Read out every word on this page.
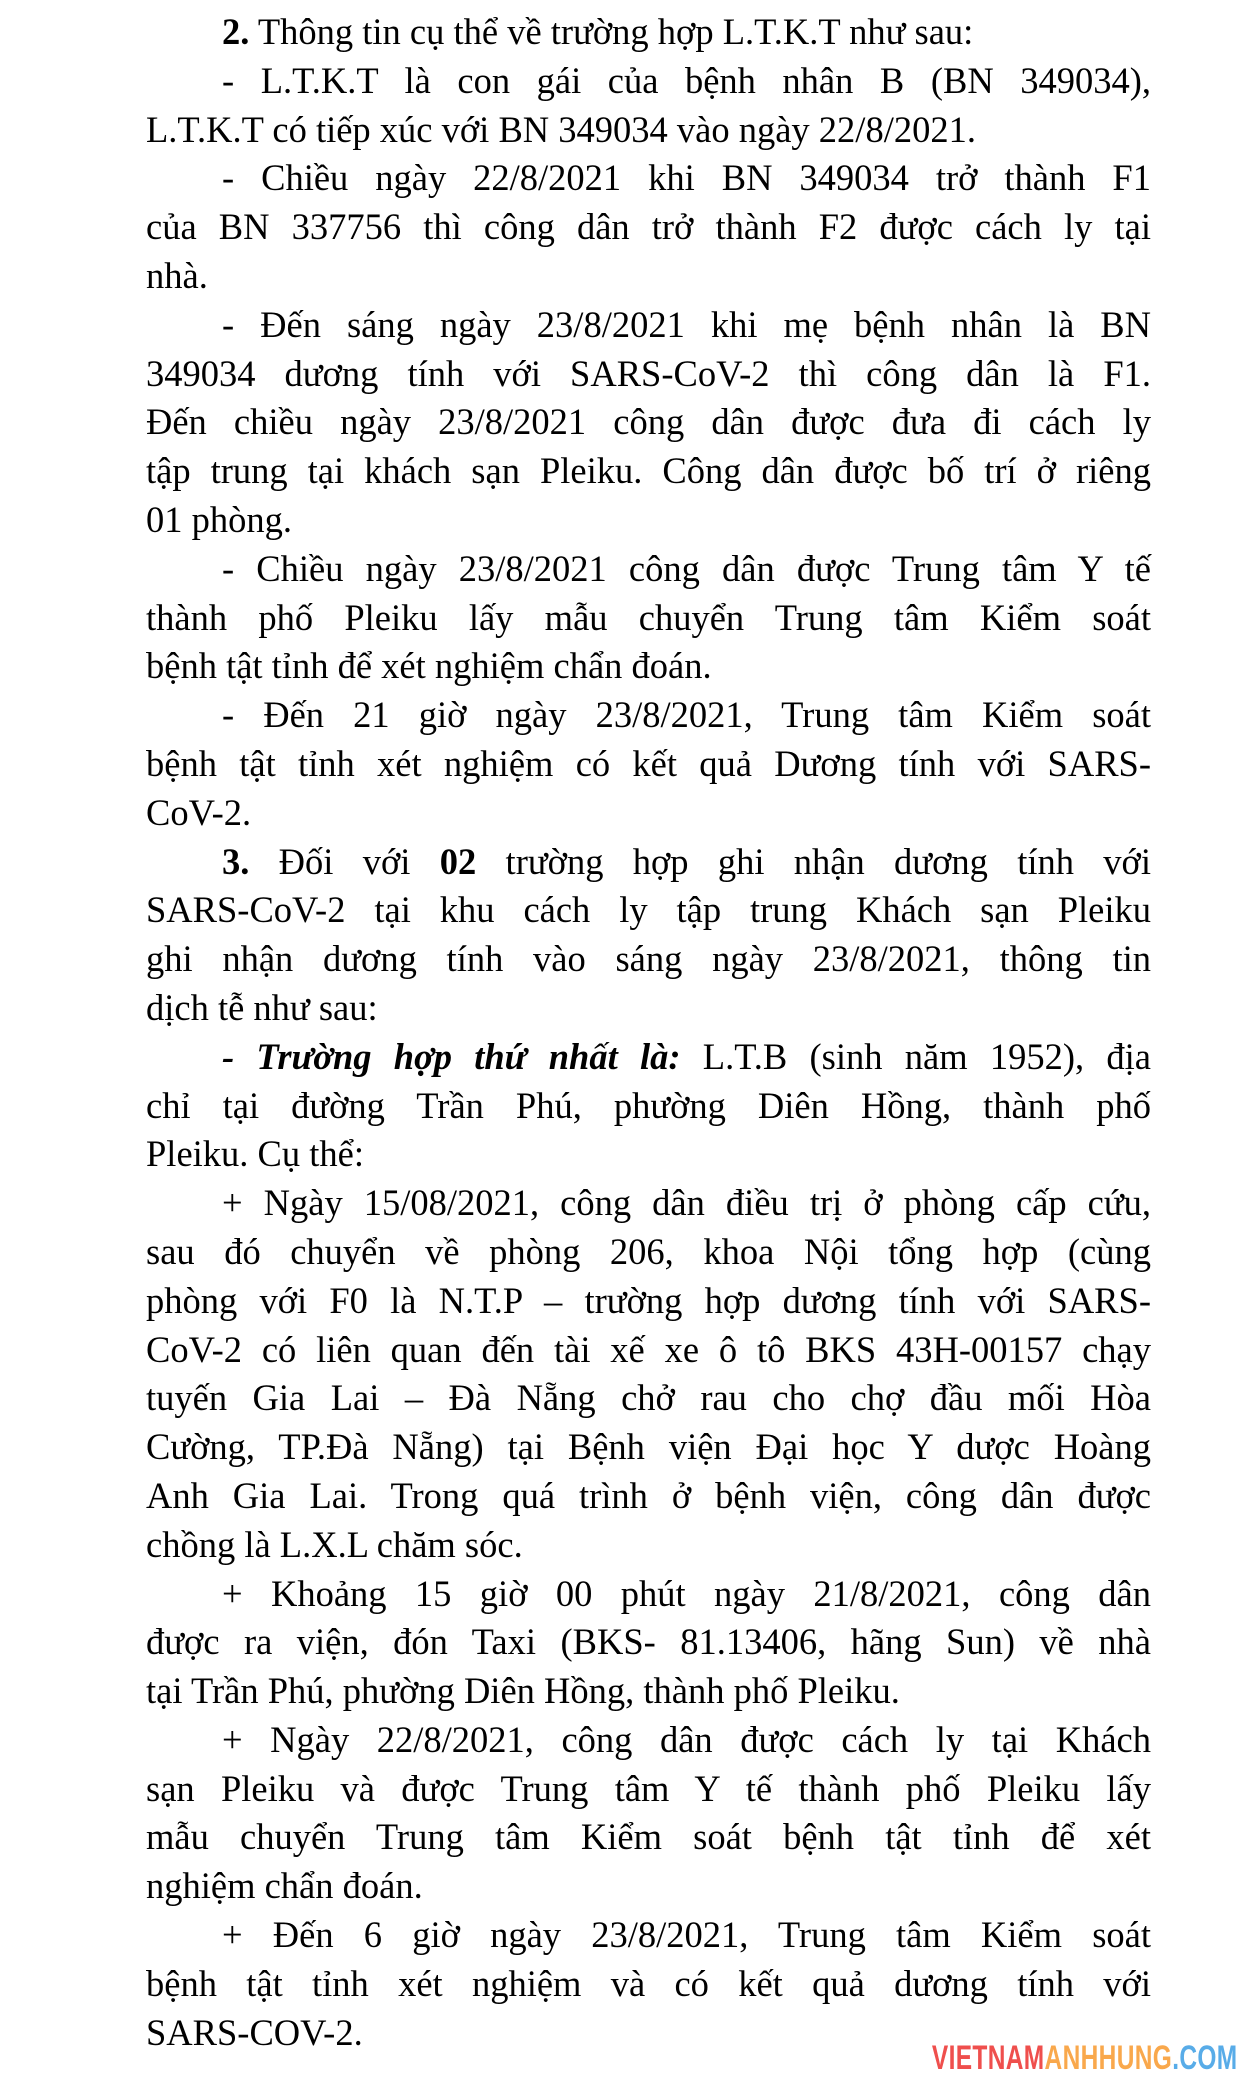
2. Thông tin cụ thể về trường hợp L.T.K.T như sau:
- L.T.K.T là con gái của bệnh nhân B (BN 349034),
L.T.K.T có tiếp xúc với BN 349034 vào ngày 22/8/2021.
- Chiều ngày 22/8/2021 khi BN 349034 trở thành F1
của BN 337756 thì công dân trở thành F2 được cách ly tại
nhà.
- Đến sáng ngày 23/8/2021 khi mẹ bệnh nhân là BN
349034 dương tính với SARS-CoV-2 thì công dân là F1.
Đến chiều ngày 23/8/2021 công dân được đưa đi cách ly
tập trung tại khách sạn Pleiku. Công dân được bố trí ở riêng
01 phòng.
- Chiều ngày 23/8/2021 công dân được Trung tâm Y tế
thành phố Pleiku lấy mẫu chuyển Trung tâm Kiểm soát
bệnh tật tỉnh để xét nghiệm chẩn đoán.
- Đến 21 giờ ngày 23/8/2021, Trung tâm Kiểm soát
bệnh tật tỉnh xét nghiệm có kết quả Dương tính với SARS-
CoV-2.
3. Đối với 02 trường hợp ghi nhận dương tính với
SARS-CoV-2 tại khu cách ly tập trung Khách sạn Pleiku
ghi nhận dương tính vào sáng ngày 23/8/2021, thông tin
dịch tễ như sau:
- Trường hợp thứ nhất là: L.T.B (sinh năm 1952), địa
chỉ tại đường Trần Phú, phường Diên Hồng, thành phố
Pleiku. Cụ thể:
+ Ngày 15/08/2021, công dân điều trị ở phòng cấp cứu,
sau đó chuyển về phòng 206, khoa Nội tổng hợp (cùng
phòng với F0 là N.T.P – trường hợp dương tính với SARS-
CoV-2 có liên quan đến tài xế xe ô tô BKS 43H-00157 chạy
tuyến Gia Lai – Đà Nẵng chở rau cho chợ đầu mối Hòa
Cường, TP.Đà Nẵng) tại Bệnh viện Đại học Y dược Hoàng
Anh Gia Lai. Trong quá trình ở bệnh viện, công dân được
chồng là L.X.L chăm sóc.
+ Khoảng 15 giờ 00 phút ngày 21/8/2021, công dân
được ra viện, đón Taxi (BKS- 81.13406, hãng Sun) về nhà
tại Trần Phú, phường Diên Hồng, thành phố Pleiku.
+ Ngày 22/8/2021, công dân được cách ly tại Khách
sạn Pleiku và được Trung tâm Y tế thành phố Pleiku lấy
mẫu chuyển Trung tâm Kiểm soát bệnh tật tỉnh để xét
nghiệm chẩn đoán.
+ Đến 6 giờ ngày 23/8/2021, Trung tâm Kiểm soát
bệnh tật tỉnh xét nghiệm và có kết quả dương tính với
SARS-COV-2.
VIETNAMANHHUNG.COM
